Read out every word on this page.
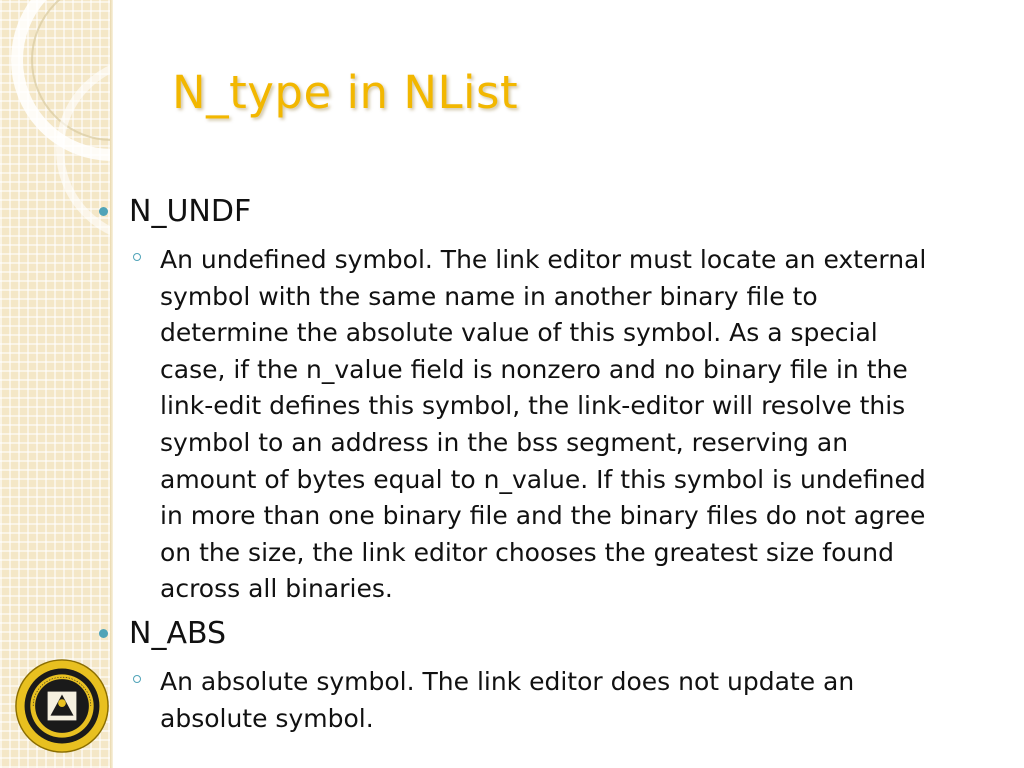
N_type in NList
N_UNDF
An undefined symbol. The link editor must locate an external symbol with the same name in another binary file to determine the absolute value of this symbol. As a special case, if the n_value field is nonzero and no binary file in the link-edit defines this symbol, the link-editor will resolve this symbol to an address in the bss segment, reserving an amount of bytes equal to n_value. If this symbol is undefined in more than one binary file and the binary files do not agree on the size, the link editor chooses the greatest size found across all binaries.
N_ABS
An absolute symbol. The link editor does not update an absolute symbol.
